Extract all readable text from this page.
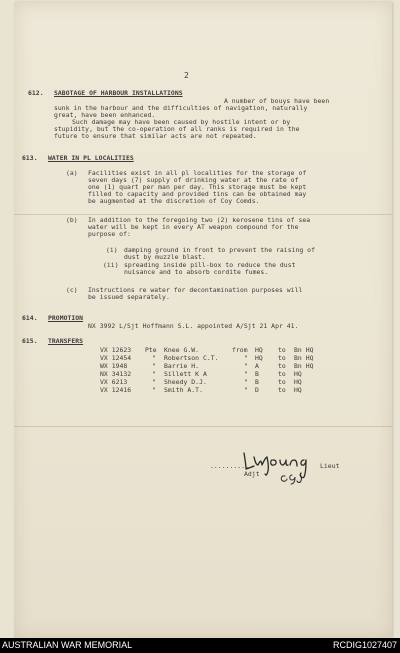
2
612. SABOTAGE OF HARBOUR INSTALLATIONS
A number of bouys have been
sunk in the harbour and the difficulties of navigation, naturally
great, have been enhanced.
Such damage may have been caused by hostile intent or by
stupidity, but the co-operation of all ranks is required in the
future to ensure that similar acts are not repeated.
613. WATER IN PL LOCALITIES
(a) Facilities exist in all pl localities for the storage of
seven days (7) supply of drinking water at the rate of
one (1) quart per man per day. This storage must be kept
filled to capacity and provided tins can be obtained may
be augmented at the discretion of Coy Comds.
(b) In addition to the foregoing two (2) kerosene tins of sea
water will be kept in every AT weapon compound for the
purpose of:
(i) damping ground in front to prevent the raising of
dust by muzzle blast.
(ii) spreading inside pill-box to reduce the dust
nuisance and to absorb cordite fumes.
(c) Instructions re water for decontamination purposes will
be issued separately.
614. PROMOTION
NX 3992 L/Sjt Hoffmann S.L. appointed A/Sjt 21 Apr 41.
615. TRANSFERS
VX 12623 Pte Knee G.W.	from HQ to Bn HQ
VX 12454	" Robertson C.T.	" HQ to Bn HQ
WX 1948	" Barrie H.	" A	to Bn HQ
NX 34132	" Sillett K A	" B	to HQ
VX 6213	" Sheedy D.J.	" B	to HQ
VX 12416	" Smith A.T.	" D	to HQ
...........	Lieut
Adjt
AUSTRALIAN WAR MEMORIAL	RCDIG1027407
